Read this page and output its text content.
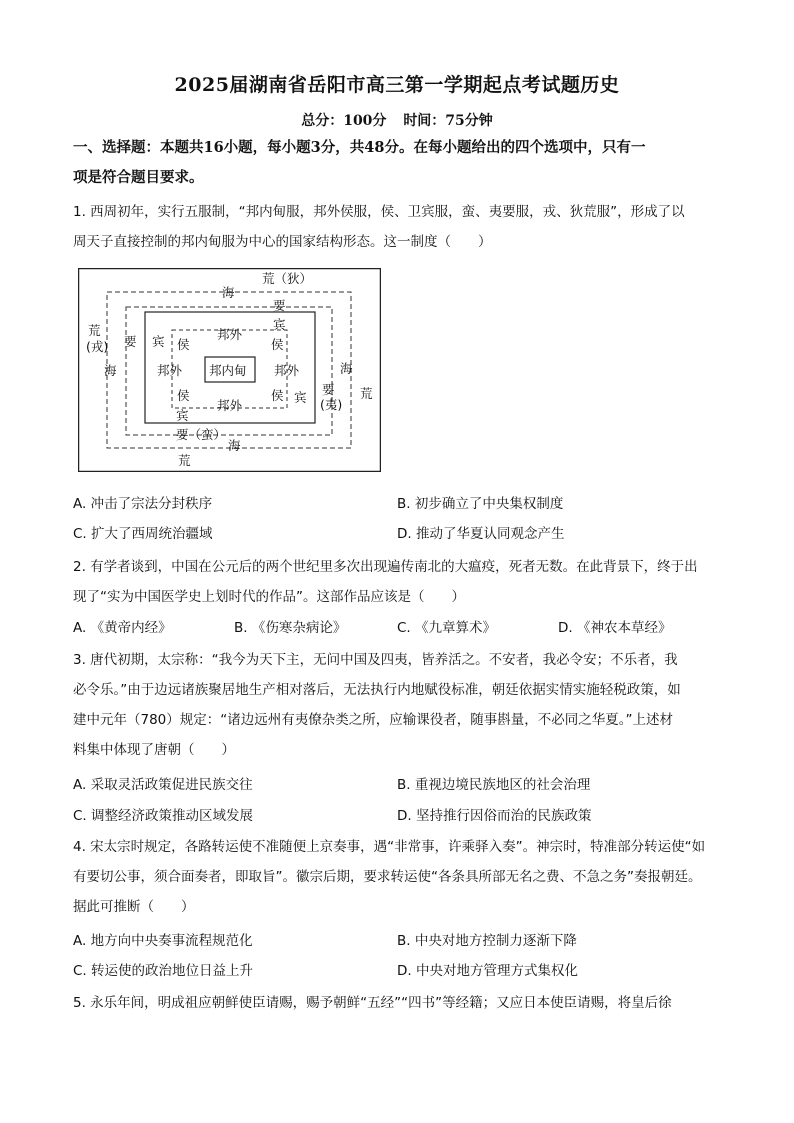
2025届湖南省岳阳市高三第一学期起点考试题历史
总分：100分 时间：75分钟
一、选择题：本题共16小题，每小题3分，共48分。在每小题给出的四个选项中，只有一
项是符合题目要求。
1. 西周初年，实行五服制，“邦内甸服，邦外侯服，侯、卫宾服，蛮、夷要服，戎、狄荒服”，形成了以
周天子直接控制的邦内甸服为中心的国家结构形态。这一制度（　　）
荒（狄）
海
要
宾
邦外
侯	侯
宾
要
荒
(戎)
海	邦外 邦内甸 邦外	海
要
(夷)
荒
侯	侯 宾
邦外
宾
要（蛮）
海
荒
A. 冲击了宗法分封秩序	B. 初步确立了中央集权制度
C. 扩大了西周统治疆域	D. 推动了华夏认同观念产生
2. 有学者谈到，中国在公元后的两个世纪里多次出现遍传南北的大瘟疫，死者无数。在此背景下，终于出
现了“实为中国医学史上划时代的作品”。这部作品应该是（　　）
A. 《黄帝内经》	B. 《伤寒杂病论》	C. 《九章算术》	D. 《神农本草经》
3. 唐代初期，太宗称：“我今为天下主，无问中国及四夷，皆养活之。不安者，我必令安；不乐者，我
必令乐。”由于边远诸族聚居地生产相对落后，无法执行内地赋役标准，朝廷依据实情实施轻税政策，如
建中元年（780）规定：“诸边远州有夷僚杂类之所，应输课役者，随事斟量，不必同之华夏。”上述材
料集中体现了唐朝（　　）
A. 采取灵活政策促进民族交往	B. 重视边境民族地区的社会治理
C. 调整经济政策推动区域发展	D. 坚持推行因俗而治的民族政策
4. 宋太宗时规定，各路转运使不准随便上京奏事，遇“非常事，许乘驿入奏”。神宗时，特准部分转运使“如
有要切公事，须合面奏者，即取旨”。徽宗后期，要求转运使“各条具所部无名之费、不急之务”奏报朝廷。
据此可推断（　　）
A. 地方向中央奏事流程规范化	B. 中央对地方控制力逐渐下降
C. 转运使的政治地位日益上升	D. 中央对地方管理方式集权化
5. 永乐年间，明成祖应朝鲜使臣请赐，赐予朝鲜“五经”“四书”等经籍；又应日本使臣请赐，将皇后徐
